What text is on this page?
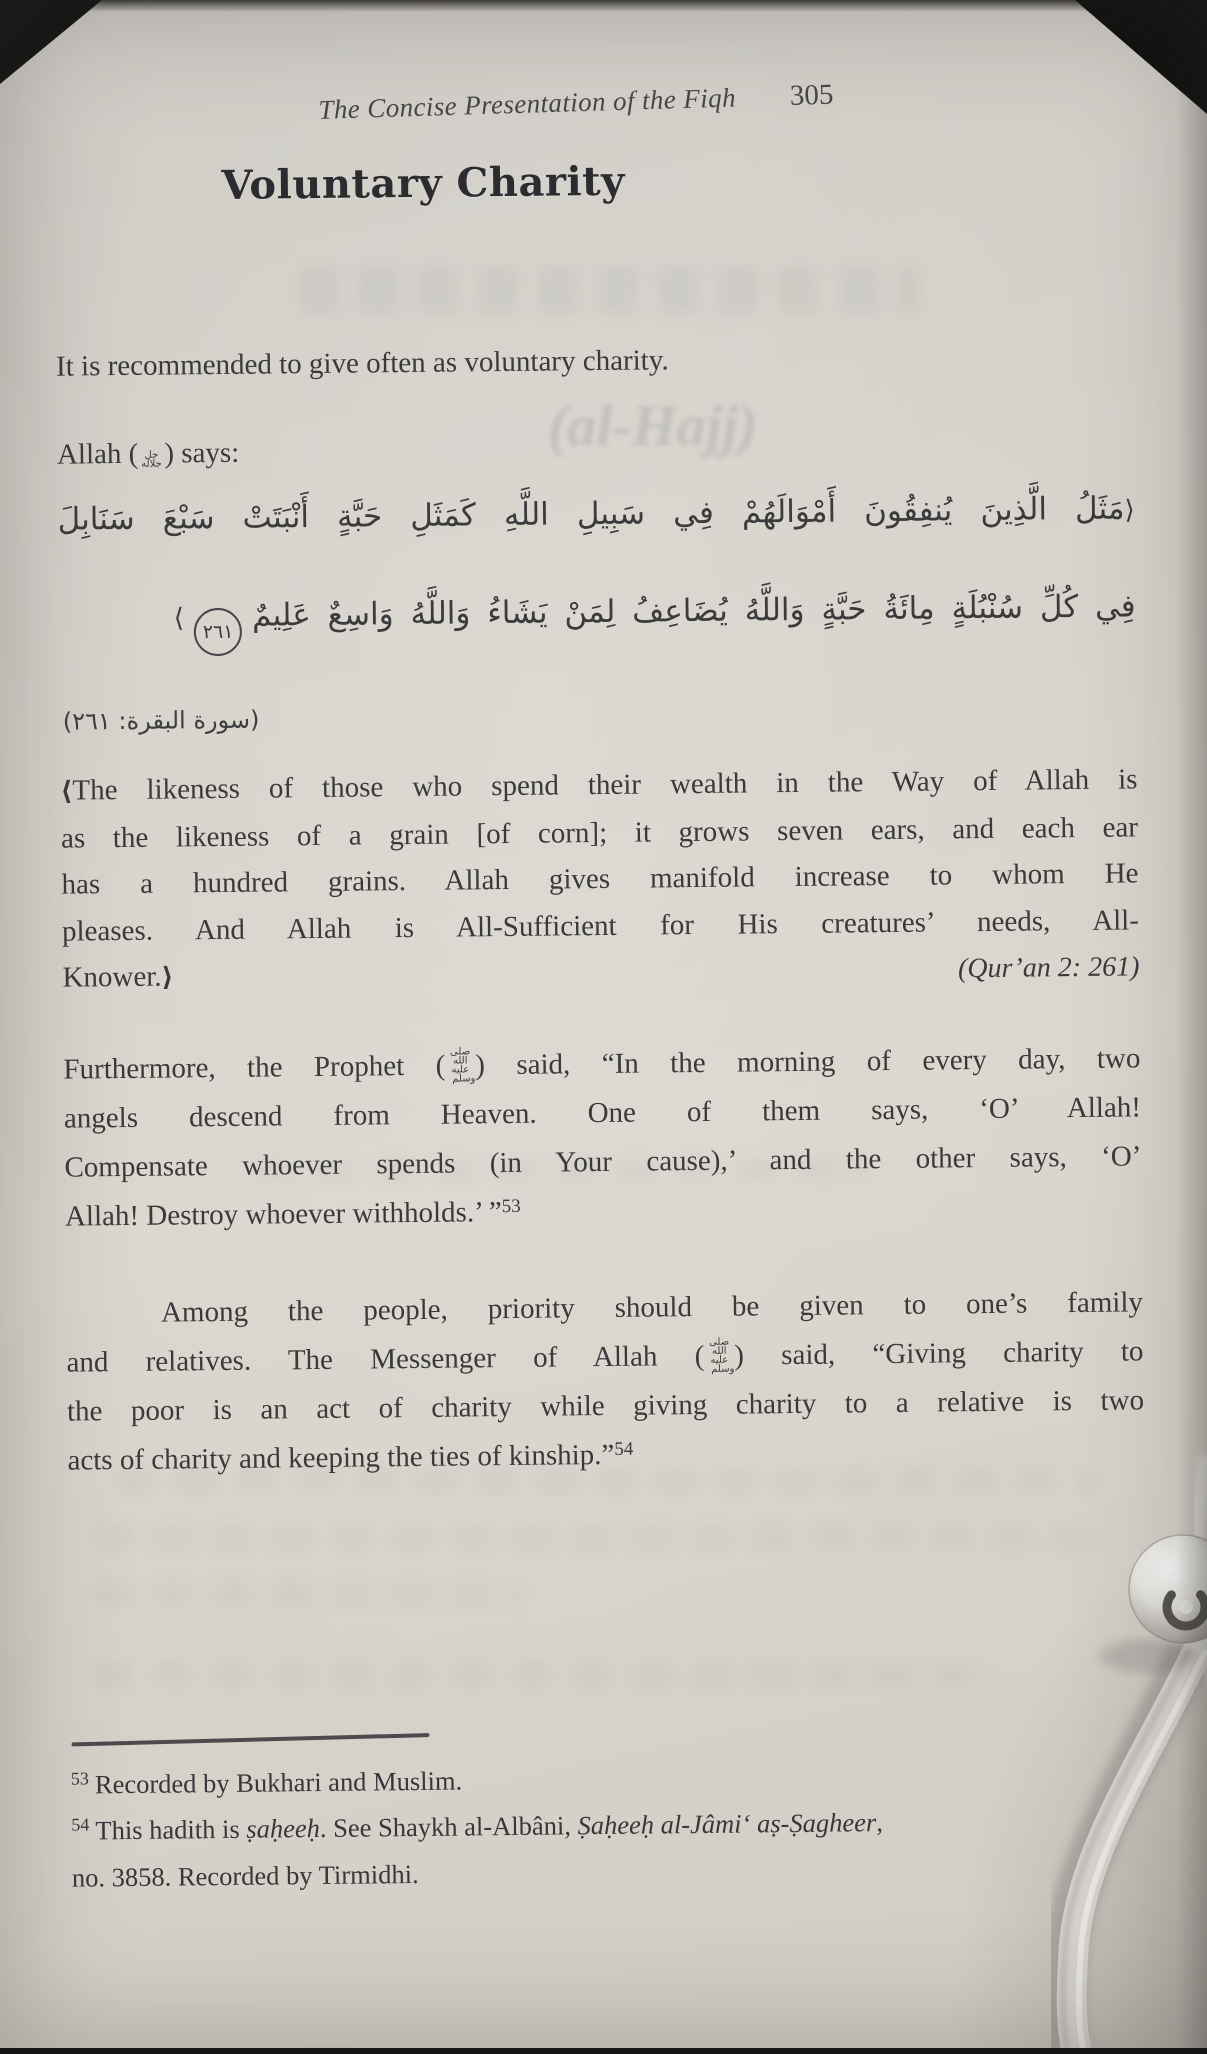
(al-Hajj)
The Concise Presentation of the Fiqh 305
Voluntary Charity
It is recommended to give often as voluntary charity.
Allah ( جل جلاله) says:
⟨مَثَلُ الَّذِينَ يُنفِقُونَ أَمْوَالَهُمْ فِي سَبِيلِ اللَّهِ كَمَثَلِ حَبَّةٍ أَنْبَتَتْ سَبْعَ سَنَابِلَ
فِي كُلِّ سُنْبُلَةٍ مِائَةُ حَبَّةٍ وَاللَّهُ يُضَاعِفُ لِمَنْ يَشَاءُ وَاللَّهُ وَاسِعٌ عَلِيمٌ٢٦١⟩
(سورة البقرة: ٢٦١)
⟨The likeness of those who spend their wealth in the Way of Allah is
as the likeness of a grain [of corn]; it grows seven ears, and each ear
has a hundred grains. Allah gives manifold increase to whom He
pleases. And Allah is All-Sufficient for His creatures’ needs, All-
Knower.⟩	(Qur’an 2: 261)
Furthermore, the Prophet ( صلى الله عليه وسلم) said, “In the morning of every day, two
angels descend from Heaven. One of them says, ‘O’ Allah!
Compensate whoever spends (in Your cause),’ and the other says, ‘O’
Allah! Destroy whoever withholds.’ ”$^{53}$
Among the people, priority should be given to one’s family
and relatives. The Messenger of Allah ( صلى الله عليه وسلم) said, “Giving charity to
the poor is an act of charity while giving charity to a relative is two
acts of charity and keeping the ties of kinship.”$^{54}$
$^{53}$ Recorded by Bukhari and Muslim.
$^{54}$ This hadith is ṣaḥeeḥ. See Shaykh al-Albâni, Ṣaḥeeḥ al-Jâmi‘ aṣ-Ṣagheer,
no. 3858. Recorded by Tirmidhi.
